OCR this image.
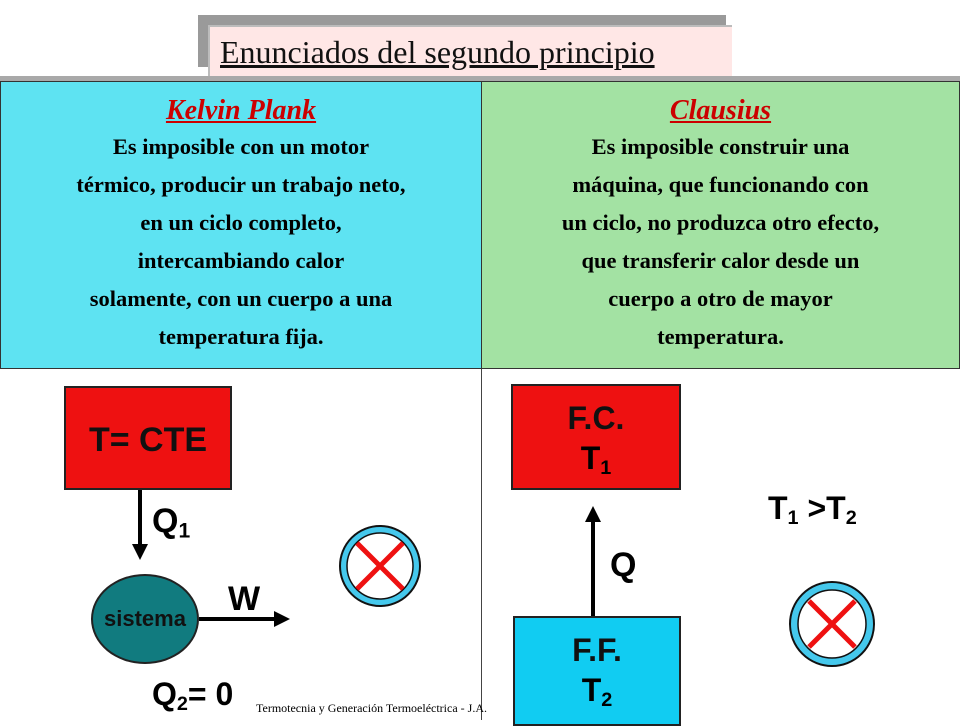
Enunciados del segundo principio
Kelvin Plank
Es imposible con un motor
térmico, producir un trabajo neto,
en un ciclo completo,
intercambiando calor
solamente, con un cuerpo a una
temperatura fija.
Clausius
Es imposible construir una
máquina, que funcionando con
un ciclo, no produzca otro efecto,
que transferir calor desde un
cuerpo a otro de mayor
temperatura.
T= CTE
$Q_1$
sistema
W
$Q_2= 0$
F.C.
$T_1$
Q
F.F.
$T_2$
$T_1 >T_2$
Termotecnia y Generación Termoeléctrica - J.A.
